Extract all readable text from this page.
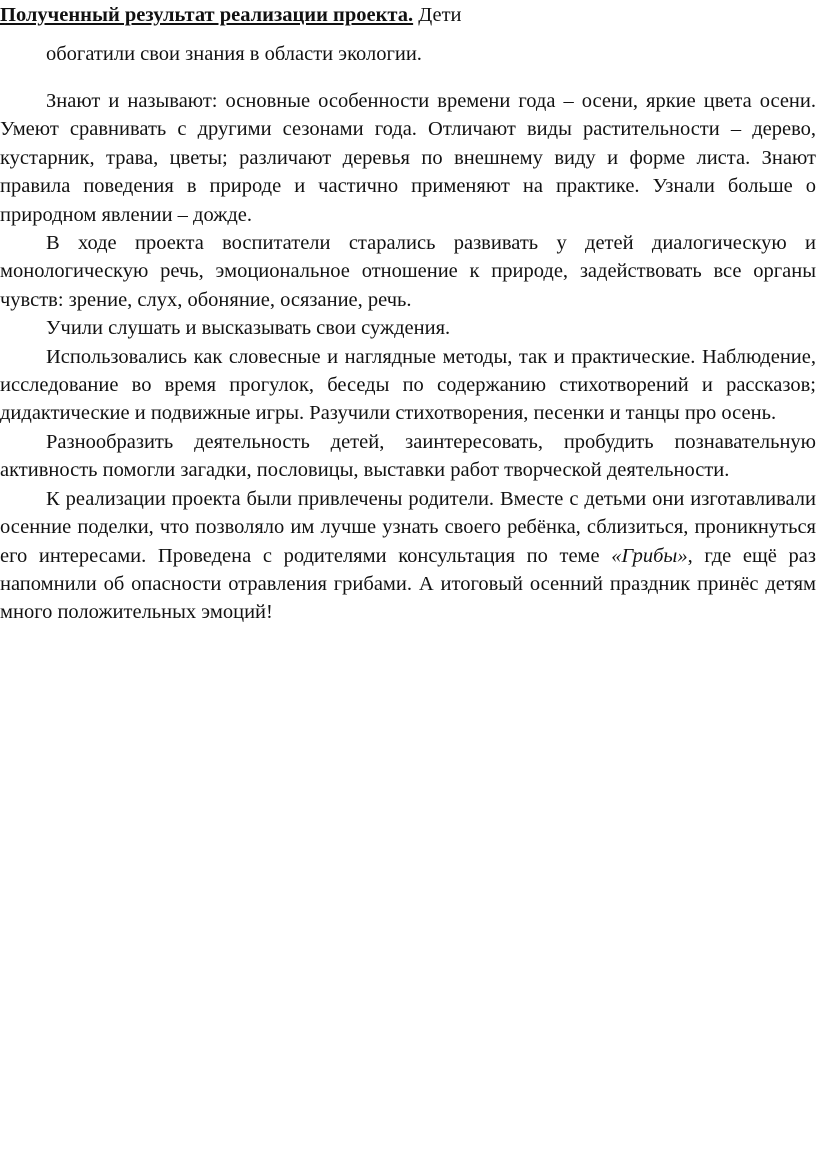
Полученный результат реализации проекта. Дети
обогатили свои знания в области экологии.

Знают и называют: основные особенности времени года – осени, яркие цвета осени. Умеют сравнивать с другими сезонами года. Отличают виды растительности – дерево, кустарник, трава, цветы; различают деревья по внешнему виду и форме листа. Знают правила поведения в природе и частично применяют на практике. Узнали больше о природном явлении – дожде.

В ходе проекта воспитатели старались развивать у детей диалогическую и монологическую речь, эмоциональное отношение к природе, задействовать все органы чувств: зрение, слух, обоняние, осязание, речь.

Учили слушать и высказывать свои суждения.

Использовались как словесные и наглядные методы, так и практические. Наблюдение, исследование во время прогулок, беседы по содержанию стихотворений и рассказов; дидактические и подвижные игры. Разучили стихотворения, песенки и танцы про осень.

Разнообразить деятельность детей, заинтересовать, пробудить познавательную активность помогли загадки, пословицы, выставки работ творческой деятельности.

К реализации проекта были привлечены родители. Вместе с детьми они изготавливали осенние поделки, что позволяло им лучше узнать своего ребёнка, сблизиться, проникнуться его интересами. Проведена с родителями консультация по теме «Грибы», где ещё раз напомнили об опасности отравления грибами. А итоговый осенний праздник принёс детям много положительных эмоций!
